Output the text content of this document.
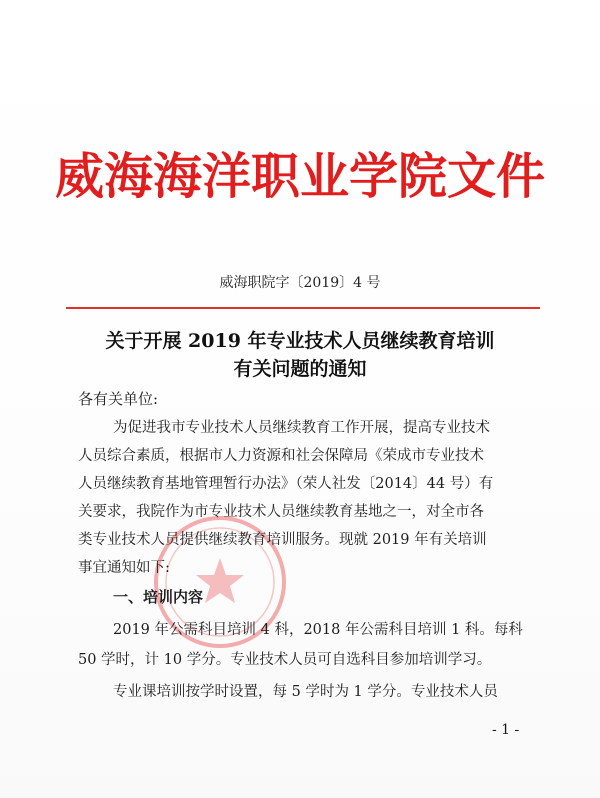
威海海洋职业学院文件
威海职院字〔2019〕4 号
关于开展 2019 年专业技术人员继续教育培训
有关问题的通知
各有关单位:
为促进我市专业技术人员继续教育工作开展，提高专业技术
人员综合素质，根据市人力资源和社会保障局《荣成市专业技术
人员继续教育基地管理暂行办法》（荣人社发〔2014〕44 号）有
关要求，我院作为市专业技术人员继续教育基地之一，对全市各
类专业技术人员提供继续教育培训服务。现就 2019 年有关培训
事宜通知如下:
一、培训内容
2019 年公需科目培训 4 科，2018 年公需科目培训 1 科。每科
50 学时，计 10 学分。专业技术人员可自选科目参加培训学习。
专业课培训按学时设置，每 5 学时为 1 学分。专业技术人员
- 1 -
